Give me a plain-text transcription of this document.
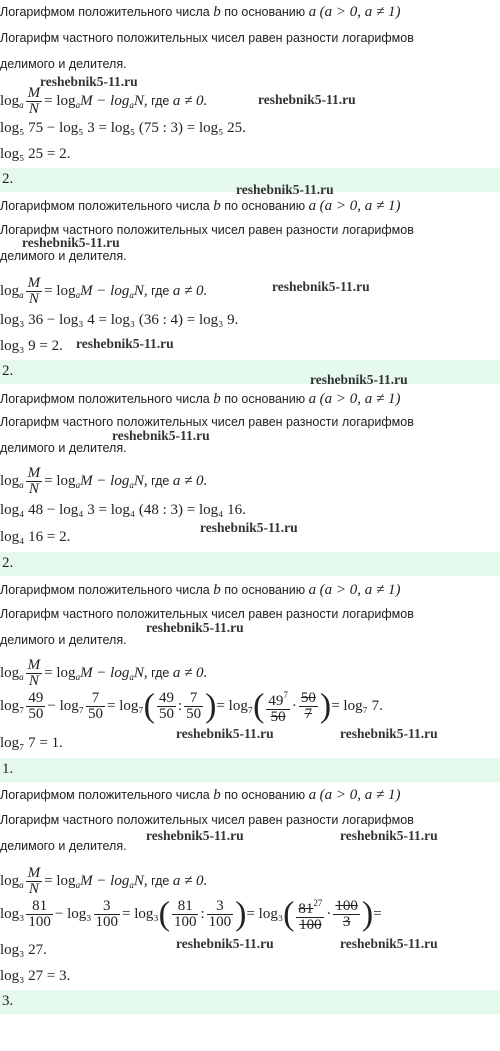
Логарифмом положительного числа b по основанию a (a > 0, a ≠ 1)
Логарифм частного положительных чисел равен разности логарифмов
делимого и делителя.
$\log_a \frac{M}{N} = \log_aM - \log_aN$, где a ≠ 0.
log₅ 75 − log₅ 3 = log₅ (75 : 3) = log₅ 25.
log₅ 25 = 2.
2.
reshebnik5-11.ru
reshebnik5-11.ru
Логарифмом положительного числа b по основанию a (a > 0, a ≠ 1)
Логарифм частного положительных чисел равен разности логарифмов
делимого и делителя.
$\log_a \frac{M}{N} = \log_aM - \log_aN$, где a ≠ 0.
log₃ 36 − log₃ 4 = log₃ (36 : 4) = log₃ 9.
log₃ 9 = 2.
2.
reshebnik5-11.ru
reshebnik5-11.ru
reshebnik5-11.ru
reshebnik5-11.ru
Логарифмом положительного числа b по основанию a (a > 0, a ≠ 1)
Логарифм частного положительных чисел равен разности логарифмов
делимого и делителя.
$\log_a \frac{M}{N} = \log_aM - \log_aN$, где a ≠ 0.
log₄ 48 − log₄ 3 = log₄ (48 : 3) = log₄ 16.
log₄ 16 = 2.
2.
reshebnik5-11.ru
reshebnik5-11.ru
reshebnik5-11.ru
Логарифмом положительного числа b по основанию a (a > 0, a ≠ 1)
Логарифм частного положительных чисел равен разности логарифмов
делимого и делителя.
$\log_a \frac{M}{N} = \log_aM - \log_aN$, где a ≠ 0.
$\log_7 \frac{49}{50} - \log_7 \frac{7}{50} = \log_7( \frac{49}{50}$ : $\frac{7}{50}$ )= $\log_7( \frac{49^7}{50} \cdot \frac{50}{7}$ )= log₇ 7.
log₇ 7 = 1.
1.
reshebnik5-11.ru
reshebnik5-11.ru	reshebnik5-11.ru
Логарифмом положительного числа b по основанию a (a > 0, a ≠ 1)
Логарифм частного положительных чисел равен разности логарифмов
делимого и делителя.
$\log_a \frac{M}{N} = \log_aM - \log_aN$, где a ≠ 0.
$\log_3 \frac{81}{100} - \log_3 \frac{3}{100} = \log_3( \frac{81}{100}$ : $\frac{3}{100}$ )= $\log_3( \frac{81^{27}}{100} \cdot \frac{100}{3}$ )=
log₃ 27.
log₃ 27 = 3.
3.
reshebnik5-11.ru	reshebnik5-11.ru
reshebnik5-11.ru	reshebnik5-11.ru
